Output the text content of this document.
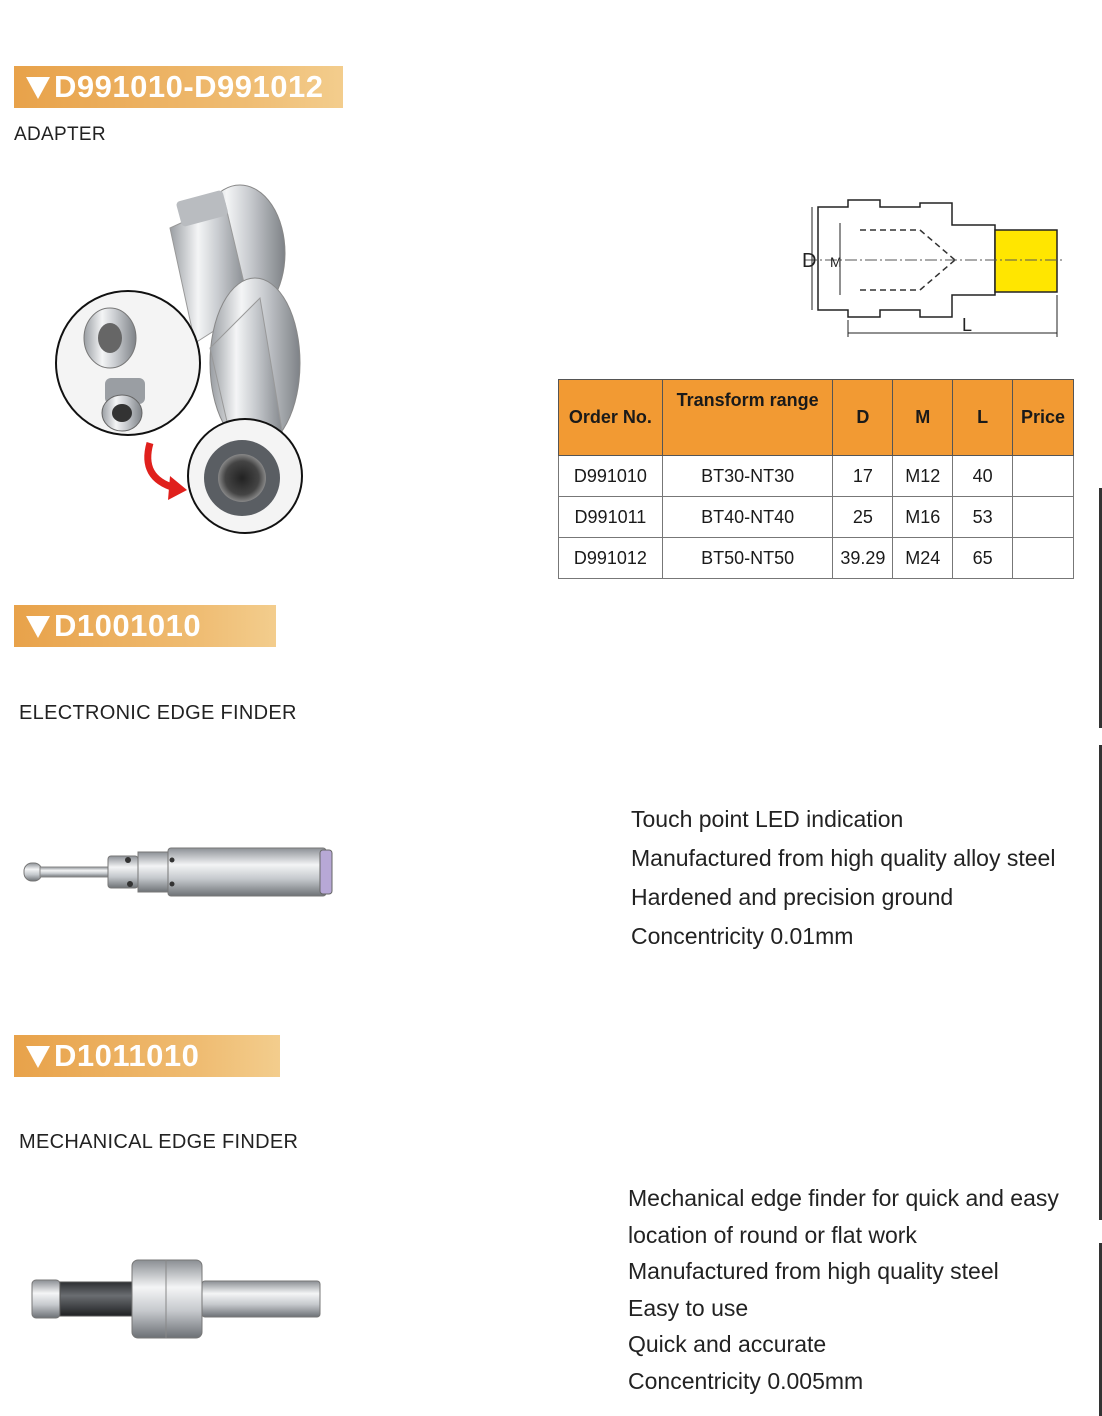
D991010-D991012
ADAPTER
D M
L
Order No.	Transform range	D	M	L	Price
D991010	BT30-NT30	17	M12	40	
D991011	BT40-NT40	25	M16	53	
D991012	BT50-NT50	39.29	M24	65	
D1001010
ELECTRONIC EDGE FINDER
Touch point LED indication
Manufactured from high quality alloy steel
Hardened and precision ground
Concentricity 0.01mm
D1011010
MECHANICAL EDGE FINDER
Mechanical edge finder for quick and easy
location of round or flat work
Manufactured from high quality steel
Easy to use
Quick and accurate
Concentricity 0.005mm
